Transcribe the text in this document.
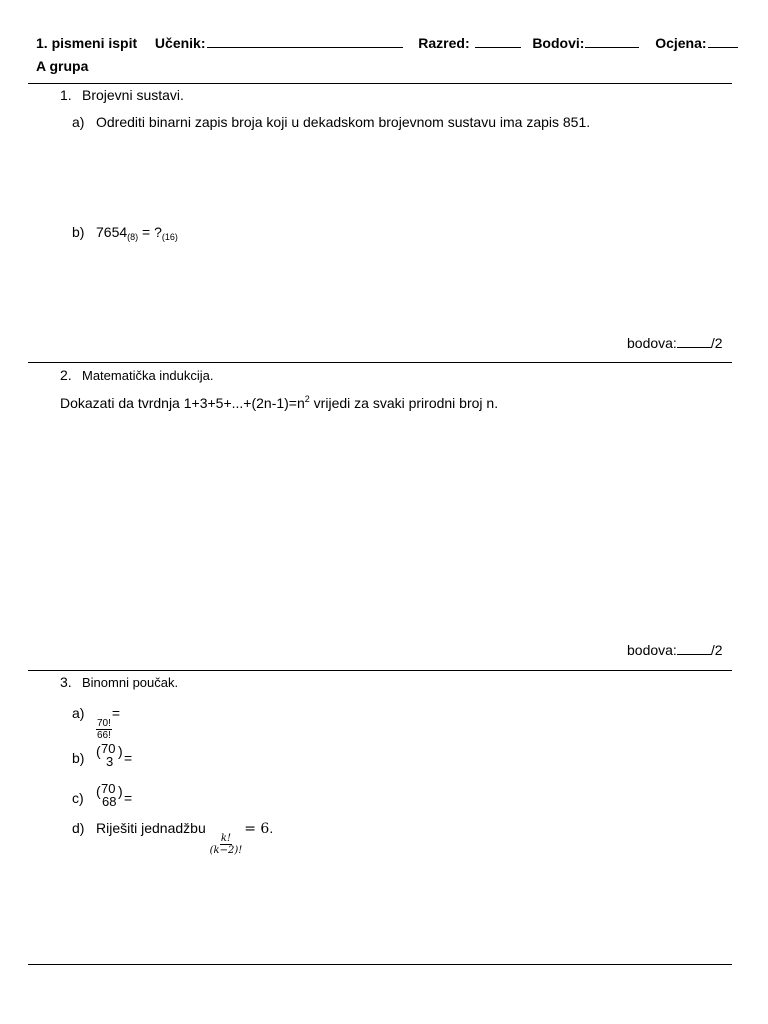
1. pismeni ispit Učenik:	Razred:	Bodovi:	Ocjena:
A grupa
1. Brojevni sustavi.
a) Odrediti binarni zapis broja koji u dekadskom brojevnom sustavu ima zapis 851.
b) $7654_{(8)}$ = $?_{(16)}$
bodova: /2
2. Matematička indukcija.
Dokazati da tvrdnja $1+3+5+...+(2n-1)=n^2$ vrijedi za svaki prirodni broj n.
bodova: /2
3. Binomni poučak.
a)
$\frac{70!}{66!}$
=
b) ( 70
3
) =
c) ( 70
68
) =
d) Riješiti jednadžbu
$\frac{k!}{(k-2)!}$
= 6.
